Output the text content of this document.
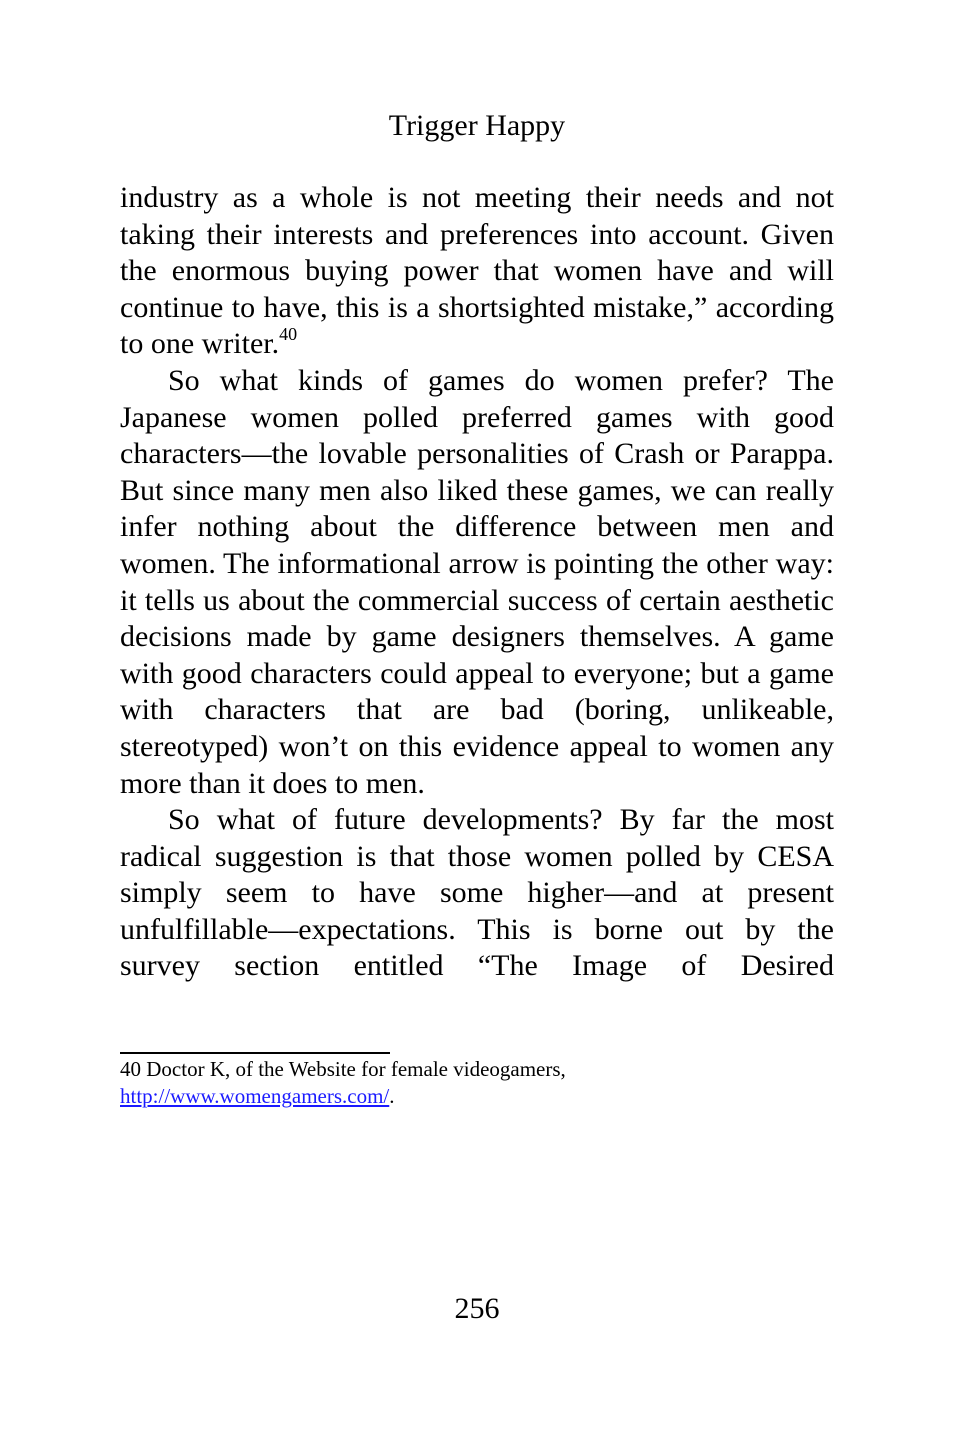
Trigger Happy

industry as a whole is not meeting their needs and not taking their interests and preferences into account. Given the enormous buying power that women have and will continue to have, this is a shortsighted mistake,” according to one writer.$^{40}$

So what kinds of games do women prefer? The Japanese women polled preferred games with good characters—the lovable personalities of Crash or Parappa. But since many men also liked these games, we can really infer nothing about the difference between men and women. The informational arrow is pointing the other way: it tells us about the commercial success of certain aesthetic decisions made by game designers themselves. A game with good characters could appeal to everyone; but a game with characters that are bad (boring, unlikeable, stereotyped) won’t on this evidence appeal to women any more than it does to men.

So what of future developments? By far the most radical suggestion is that those women polled by CESA simply seem to have some higher—and at present unfulfillable—expectations. This is borne out by the survey section entitled “The Image of Desired

40 Doctor K, of the Website for female videogamers,
http://www.womengamers.com/.
256
